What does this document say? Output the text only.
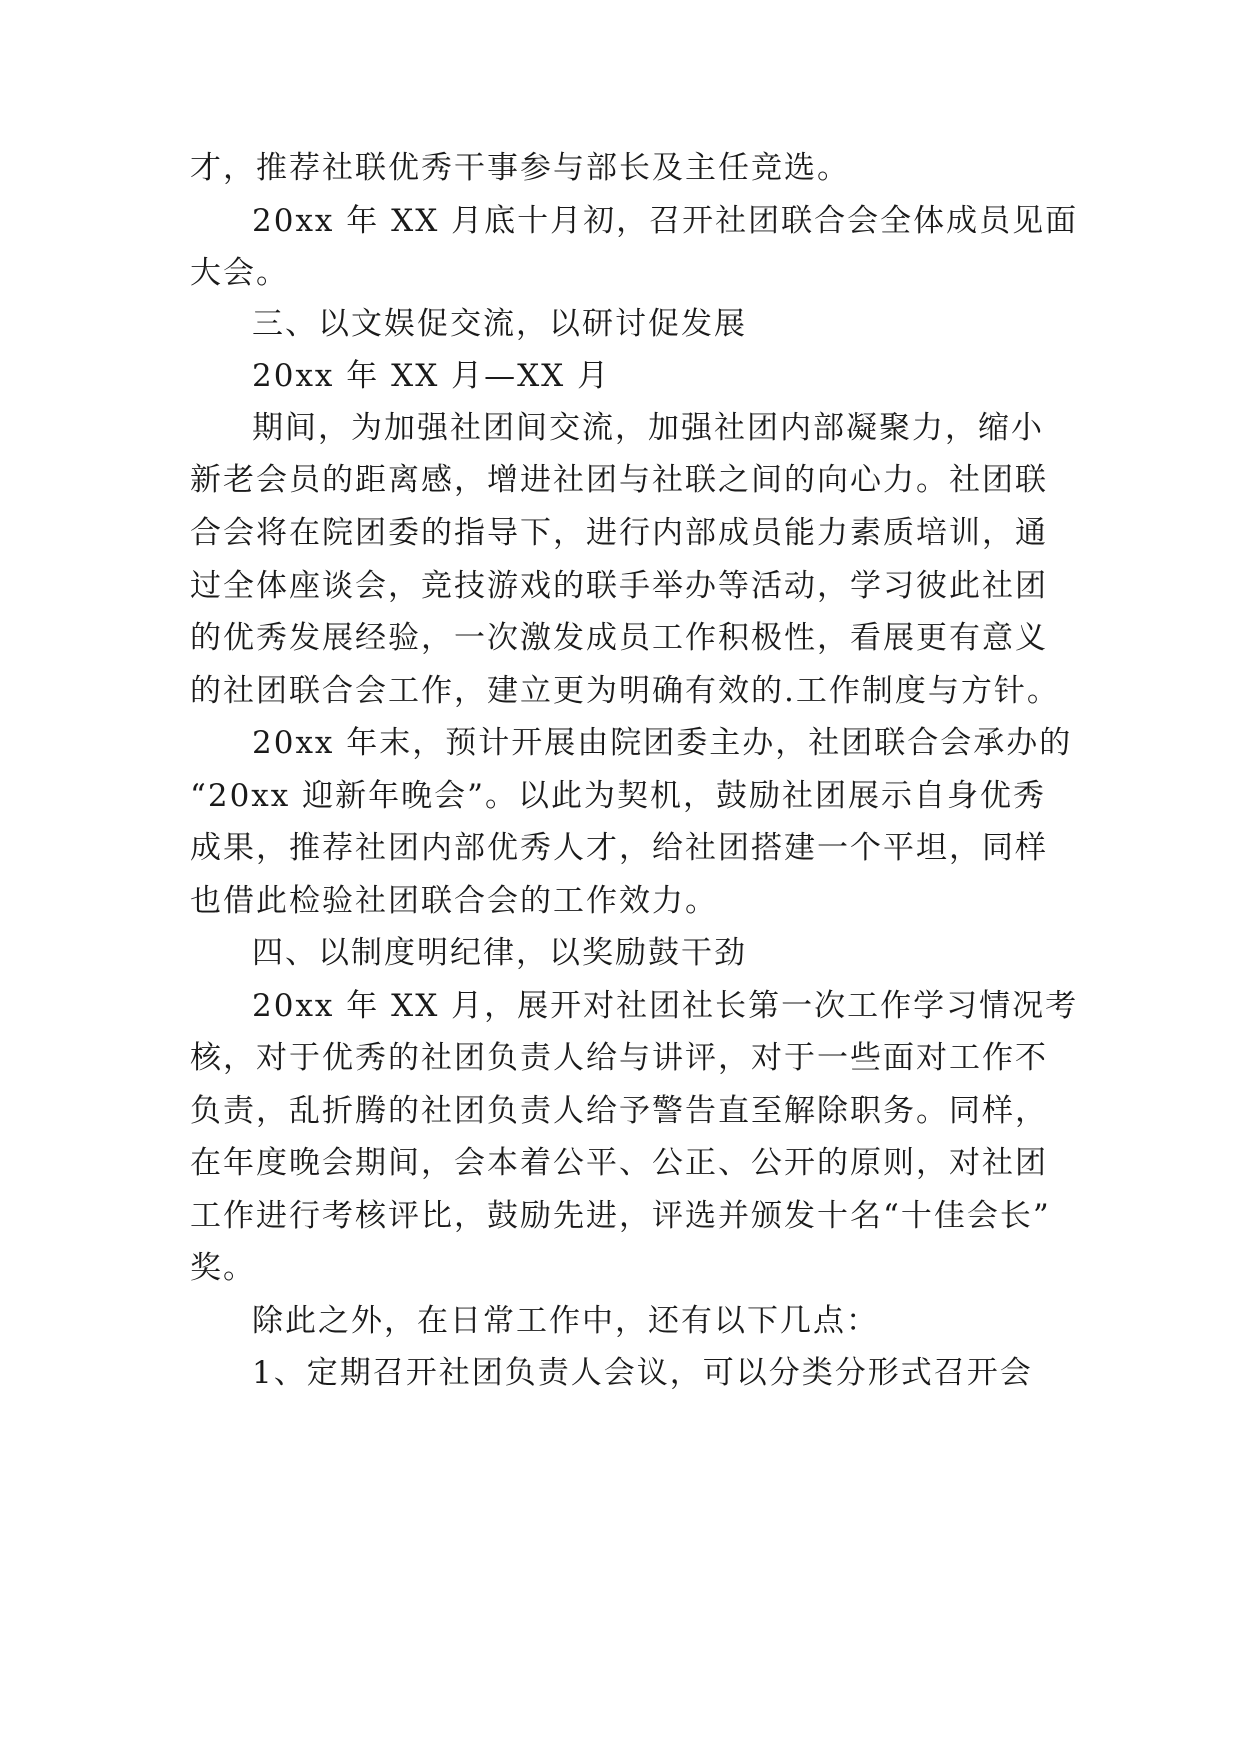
才，推荐社联优秀干事参与部长及主任竞选。
20xx 年 XX 月底十月初，召开社团联合会全体成员见面
大会。
三、以文娱促交流，以研讨促发展
20xx 年 XX 月—XX 月
期间，为加强社团间交流，加强社团内部凝聚力，缩小
新老会员的距离感，增进社团与社联之间的向心力。社团联
合会将在院团委的指导下，进行内部成员能力素质培训，通
过全体座谈会，竞技游戏的联手举办等活动，学习彼此社团
的优秀发展经验，一次激发成员工作积极性，看展更有意义
的社团联合会工作，建立更为明确有效的.工作制度与方针。
20xx 年末，预计开展由院团委主办，社团联合会承办的
“20xx 迎新年晚会”。以此为契机，鼓励社团展示自身优秀
成果，推荐社团内部优秀人才，给社团搭建一个平坦，同样
也借此检验社团联合会的工作效力。
四、以制度明纪律，以奖励鼓干劲
20xx 年 XX 月，展开对社团社长第一次工作学习情况考
核，对于优秀的社团负责人给与讲评，对于一些面对工作不
负责，乱折腾的社团负责人给予警告直至解除职务。同样，
在年度晚会期间，会本着公平、公正、公开的原则，对社团
工作进行考核评比，鼓励先进，评选并颁发十名“十佳会长”
奖。
除此之外，在日常工作中，还有以下几点：
1、定期召开社团负责人会议，可以分类分形式召开会
